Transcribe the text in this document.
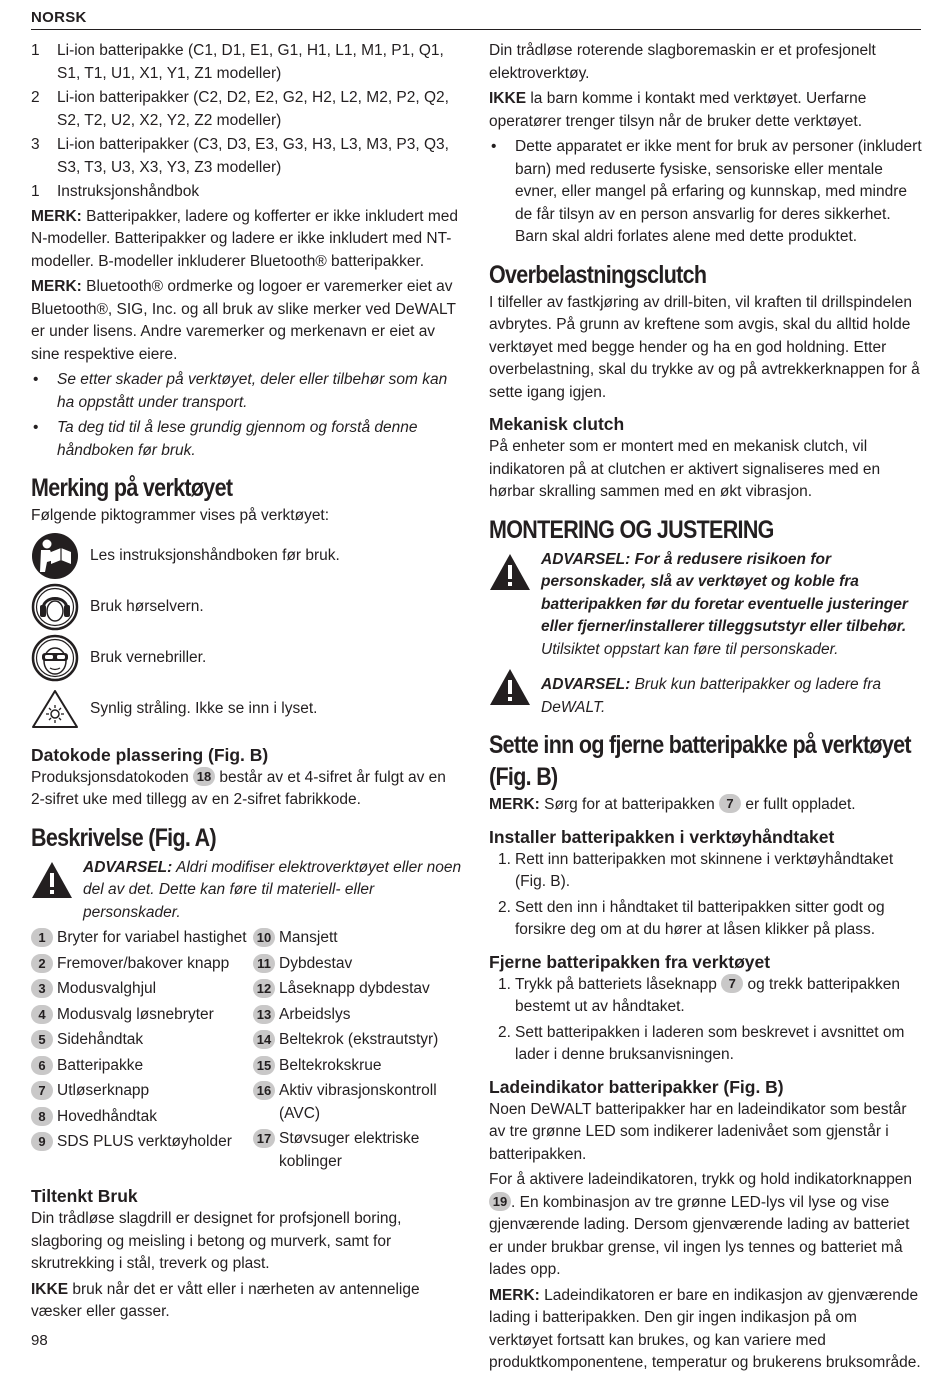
NORSK
1	Li-ion batteripakke (C1, D1, E1, G1, H1, L1, M1, P1, Q1, S1, T1, U1, X1, Y1, Z1 modeller)
2	Li-ion batteripakker (C2, D2, E2, G2, H2, L2, M2, P2, Q2, S2, T2, U2, X2, Y2, Z2 modeller)
3	Li-ion batteripakker (C3, D3, E3, G3, H3, L3, M3, P3, Q3, S3, T3, U3, X3, Y3, Z3 modeller)
1	Instruksjonshåndbok

MERK: Batteripakker, ladere og kofferter er ikke inkludert med N-modeller. Batteripakker og ladere er ikke inkludert med NT-modeller. B-modeller inkluderer Bluetooth® batteripakker.

MERK: Bluetooth® ordmerke og logoer er varemerker eiet av Bluetooth®, SIG, Inc. og all bruk av slike merker ved DeWALT er under lisens. Andre varemerker og merkenavn er eiet av sine respektive eiere.

•	Se etter skader på verktøyet, deler eller tilbehør som kan ha oppstått under transport.
•	Ta deg tid til å lese grundig gjennom og forstå denne håndboken før bruk.
Merking på verktøyet

Følgende piktogrammer vises på verktøyet:

Les instruksjonshåndboken før bruk.
Bruk hørselvern.
Bruk vernebriller.
Synlig stråling. Ikke se inn i lyset.
Datokode plassering (Fig. B)

Produksjonsdatokoden 18 består av et 4-sifret år fulgt av en 2-sifret uke med tillegg av en 2-sifret fabrikkode.

Beskrivelse (Fig. A)
ADVARSEL: Aldri modifiser elektroverktøyet eller noen del av det. Dette kan føre til materiell- eller personskader.
1 Bryter for variabel hastighet
2 Fremover/bakover knapp
3 Modusvalghjul
4 Modusvalg løsnebryter
5 Sidehåndtak
6 Batteripakke
7 Utløserknapp
8 Hovedhåndtak
9 SDS PLUS verktøyholder
10 Mansjett
11 Dybdestav
12 Låseknapp dybdestav
13 Arbeidslys
14 Beltekrok (ekstrautstyr)
15 Beltekrokskrue
16 Aktiv vibrasjonskontroll (AVC)
17 Støvsuger elektriske koblinger
Tiltenkt Bruk

Din trådløse slagdrill er designet for profsjonell boring, slagboring og meisling i betong og murverk, samt for skrutrekking i stål, treverk og plast.

IKKE bruk når det er vått eller i nærheten av antennelige væsker eller gasser.

Din trådløse roterende slagboremaskin er et profesjonelt elektroverktøy.

IKKE la barn komme i kontakt med verktøyet. Uerfarne operatører trenger tilsyn når de bruker dette verktøyet.

•	Dette apparatet er ikke ment for bruk av personer (inkludert barn) med reduserte fysiske, sensoriske eller mentale evner, eller mangel på erfaring og kunnskap, med mindre de får tilsyn av en person ansvarlig for deres sikkerhet. Barn skal aldri forlates alene med dette produktet.
Overbelastningsclutch

I tilfeller av fastkjøring av drill-biten, vil kraften til drillspindelen avbrytes. På grunn av kreftene som avgis, skal du alltid holde verktøyet med begge hender og ha en god holdning. Etter overbelastning, skal du trykke av og på avtrekkerknappen for å sette igang igjen.

Mekanisk clutch

På enheter som er montert med en mekanisk clutch, vil indikatoren på at clutchen er aktivert signaliseres med en hørbar skralling sammen med en økt vibrasjon.

MONTERING OG JUSTERING
ADVARSEL: For å redusere risikoen for personskader, slå av verktøyet og koble fra batteripakken før du foretar eventuelle justeringer eller fjerner/installerer tilleggsutstyr eller tilbehør. Utilsiktet oppstart kan føre til personskader.
ADVARSEL: Bruk kun batteripakker og ladere fra DeWALT.
Sette inn og fjerne batteripakke på verktøyet (Fig. B)

MERK: Sørg for at batteripakken 7 er fullt oppladet.

Installer batteripakken i verktøyhåndtaket
1. Rett inn batteripakken mot skinnene i verktøyhåndtaket (Fig. B).
2. Sett den inn i håndtaket til batteripakken sitter godt og forsikre deg om at du hører at låsen klikker på plass.
Fjerne batteripakken fra verktøyet
1. Trykk på batteriets låseknapp 7 og trekk batteripakken bestemt ut av håndtaket.
2. Sett batteripakken i laderen som beskrevet i avsnittet om lader i denne bruksanvisningen.
Ladeindikator batteripakker (Fig. B)

Noen DeWALT batteripakker har en ladeindikator som består av tre grønne LED som indikerer ladenivået som gjenstår i batteripakken.

For å aktivere ladeindikatoren, trykk og hold indikatorknappen 19 . En kombinasjon av tre grønne LED-lys vil lyse og vise gjenværende lading. Dersom gjenværende lading av batteriet er under brukbar grense, vil ingen lys tennes og batteriet må lades opp.

MERK: Ladeindikatoren er bare en indikasjon av gjenværende lading i batteripakken. Den gir ingen indikasjon på om verktøyet fortsatt kan brukes, og kan variere med produktkomponentene, temperatur og brukerens bruksområde.

98
